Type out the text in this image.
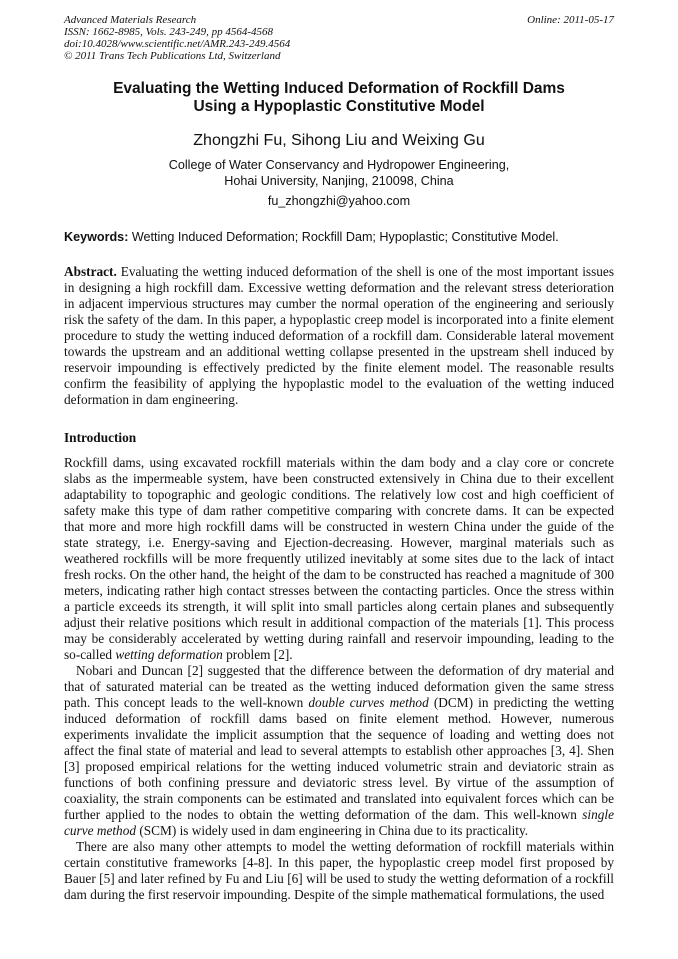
Advanced Materials Research
ISSN: 1662-8985, Vols. 243-249, pp 4564-4568
doi:10.4028/www.scientific.net/AMR.243-249.4564
© 2011 Trans Tech Publications Ltd, Switzerland
Online: 2011-05-17
Evaluating the Wetting Induced Deformation of Rockfill Dams
Using a Hypoplastic Constitutive Model
Zhongzhi Fu, Sihong Liu and Weixing Gu
College of Water Conservancy and Hydropower Engineering,
Hohai University, Nanjing, 210098, China
fu_zhongzhi@yahoo.com
Keywords: Wetting Induced Deformation; Rockfill Dam; Hypoplastic; Constitutive Model.
Abstract. Evaluating the wetting induced deformation of the shell is one of the most important issues
in designing a high rockfill dam. Excessive wetting deformation and the relevant stress deterioration
in adjacent impervious structures may cumber the normal operation of the engineering and seriously
risk the safety of the dam. In this paper, a hypoplastic creep model is incorporated into a finite element
procedure to study the wetting induced deformation of a rockfill dam. Considerable lateral movement
towards the upstream and an additional wetting collapse presented in the upstream shell induced by
reservoir impounding is effectively predicted by the finite element model. The reasonable results
confirm the feasibility of applying the hypoplastic model to the evaluation of the wetting induced
deformation in dam engineering.
Introduction
Rockfill dams, using excavated rockfill materials within the dam body and a clay core or concrete
slabs as the impermeable system, have been constructed extensively in China due to their excellent
adaptability to topographic and geologic conditions. The relatively low cost and high coefficient of
safety make this type of dam rather competitive comparing with concrete dams. It can be expected
that more and more high rockfill dams will be constructed in western China under the guide of the
state strategy, i.e. Energy-saving and Ejection-decreasing. However, marginal materials such as
weathered rockfills will be more frequently utilized inevitably at some sites due to the lack of intact
fresh rocks. On the other hand, the height of the dam to be constructed has reached a magnitude of 300
meters, indicating rather high contact stresses between the contacting particles. Once the stress within
a particle exceeds its strength, it will split into small particles along certain planes and subsequently
adjust their relative positions which result in additional compaction of the materials [1]. This process
may be considerably accelerated by wetting during rainfall and reservoir impounding, leading to the
so-called wetting deformation problem [2].
Nobari and Duncan [2] suggested that the difference between the deformation of dry material and
that of saturated material can be treated as the wetting induced deformation given the same stress
path. This concept leads to the well-known double curves method (DCM) in predicting the wetting
induced deformation of rockfill dams based on finite element method. However, numerous
experiments invalidate the implicit assumption that the sequence of loading and wetting does not
affect the final state of material and lead to several attempts to establish other approaches [3, 4]. Shen
[3] proposed empirical relations for the wetting induced volumetric strain and deviatoric strain as
functions of both confining pressure and deviatoric stress level. By virtue of the assumption of
coaxiality, the strain components can be estimated and translated into equivalent forces which can be
further applied to the nodes to obtain the wetting deformation of the dam. This well-known single
curve method (SCM) is widely used in dam engineering in China due to its practicality.
There are also many other attempts to model the wetting deformation of rockfill materials within
certain constitutive frameworks [4-8]. In this paper, the hypoplastic creep model first proposed by
Bauer [5] and later refined by Fu and Liu [6] will be used to study the wetting deformation of a rockfill
dam during the first reservoir impounding. Despite of the simple mathematical formulations, the used
